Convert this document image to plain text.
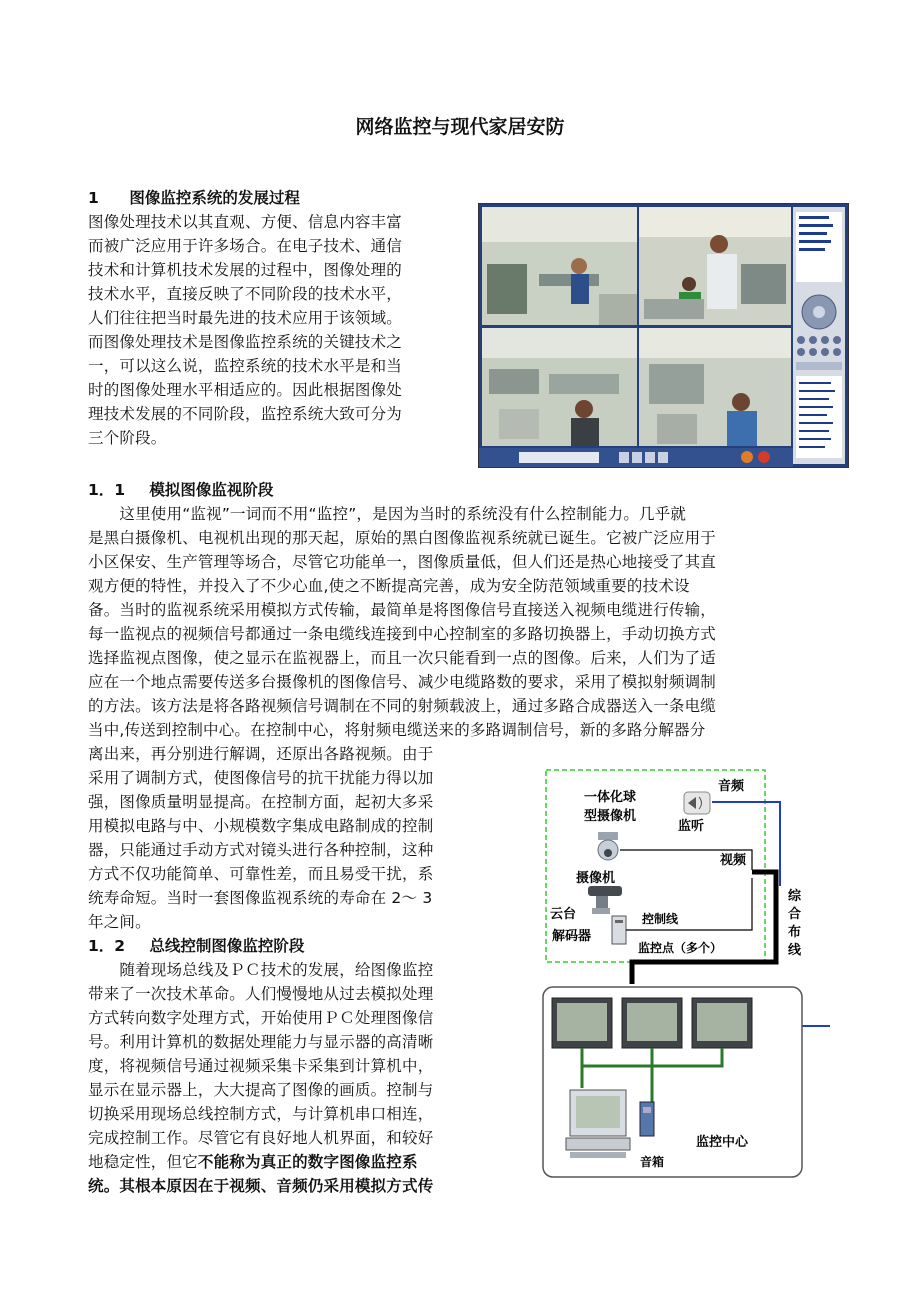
网络监控与现代家居安防
1 图像监控系统的发展过程
图像处理技术以其直观、方便、信息内容丰富
而被广泛应用于许多场合。在电子技术、通信
技术和计算机技术发展的过程中，图像处理的
技术水平，直接反映了不同阶段的技术水平，
人们往往把当时最先进的技术应用于该领域。
而图像处理技术是图像监控系统的关键技术之
一，可以这么说，监控系统的技术水平是和当
时的图像处理水平相适应的。因此根据图像处
理技术发展的不同阶段，监控系统大致可分为
三个阶段。
1．1 模拟图像监视阶段
　　这里使用“监视”一词而不用“监控”，是因为当时的系统没有什么控制能力。几乎就
是黑白摄像机、电视机出现的那天起，原始的黑白图像监视系统就已诞生。它被广泛应用于
小区保安、生产管理等场合，尽管它功能单一，图像质量低，但人们还是热心地接受了其直
观方便的特性，并投入了不少心血,使之不断提高完善，成为安全防范领域重要的技术设
备。当时的监视系统采用模拟方式传输，最简单是将图像信号直接送入视频电缆进行传输，
每一监视点的视频信号都通过一条电缆线连接到中心控制室的多路切换器上，手动切换方式
选择监视点图像，使之显示在监视器上，而且一次只能看到一点的图像。后来，人们为了适
应在一个地点需要传送多台摄像机的图像信号、减少电缆路数的要求，采用了模拟射频调制
的方法。该方法是将各路视频信号调制在不同的射频载波上，通过多路合成器送入一条电缆
当中,传送到控制中心。在控制中心，将射频电缆送来的多路调制信号，新的多路分解器分
离出来，再分别进行解调，还原出各路视频。由于
采用了调制方式，使图像信号的抗干扰能力得以加
强，图像质量明显提高。在控制方面，起初大多采
用模拟电路与中、小规模数字集成电路制成的控制
器，只能通过手动方式对镜头进行各种控制，这种
方式不仅功能简单、可靠性差，而且易受干扰，系
统寿命短。当时一套图像监视系统的寿命在 2～ 3
年之间。
1．2 总线控制图像监控阶段
　　随着现场总线及ＰＣ技术的发展，给图像监控
带来了一次技术革命。人们慢慢地从过去模拟处理
方式转向数字处理方式，开始使用ＰＣ处理图像信
号。利用计算机的数据处理能力与显示器的高清晰
度，将视频信号通过视频采集卡采集到计算机中，
显示在显示器上，大大提高了图像的画质。控制与
切换采用现场总线控制方式，与计算机串口相连，
完成控制工作。尽管它有良好地人机界面，和较好
地稳定性，但它不能称为真正的数字图像监控系
统。其根本原因在于视频、音频仍采用模拟方式传
一体化球
型摄像机
音频
监听
视频
摄像机
云台
解码器
控制线
监控点（多个）
综
合
布
线
音箱
监控中心
